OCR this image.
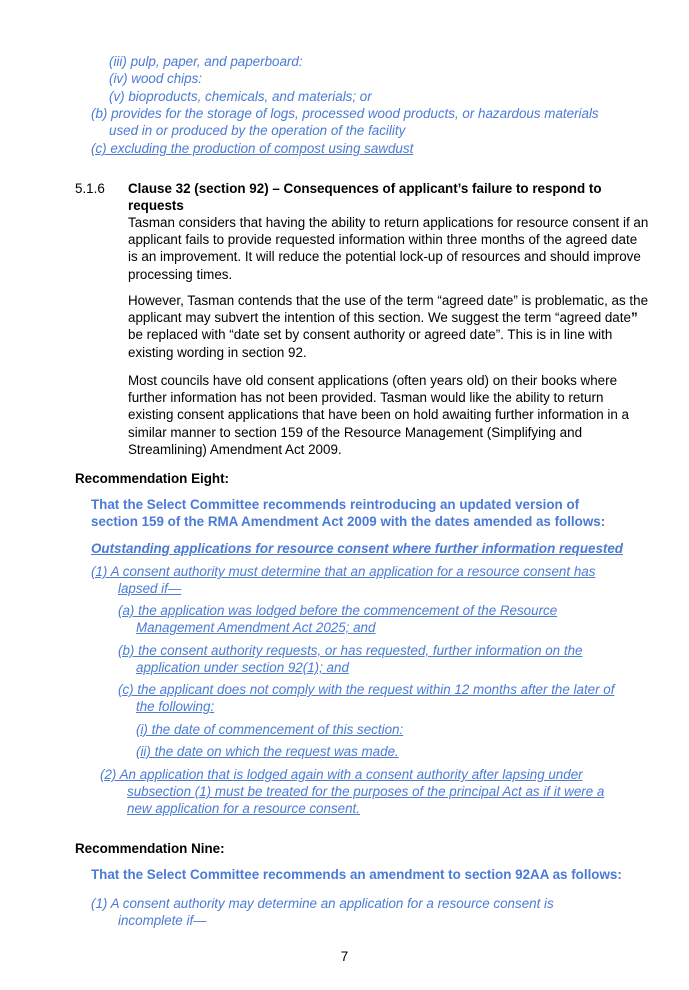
(iii) pulp, paper, and paperboard:
(iv) wood chips:
(v) bioproducts, chemicals, and materials; or
(b) provides for the storage of logs, processed wood products, or hazardous materials
used in or produced by the operation of the facility
(c) excluding the production of compost using sawdust
5.1.6 Clause 32 (section 92) – Consequences of applicant’s failure to respond to
requests
Tasman considers that having the ability to return applications for resource consent if an applicant fails to provide requested information within three months of the agreed date is an improvement. It will reduce the potential lock-up of resources and should improve processing times.
However, Tasman contends that the use of the term “agreed date” is problematic, as the applicant may subvert the intention of this section. We suggest the term “agreed date” be replaced with “date set by consent authority or agreed date”. This is in line with existing wording in section 92.
Most councils have old consent applications (often years old) on their books where further information has not been provided. Tasman would like the ability to return existing consent applications that have been on hold awaiting further information in a similar manner to section 159 of the Resource Management (Simplifying and Streamlining) Amendment Act 2009.
Recommendation Eight:
That the Select Committee recommends reintroducing an updated version of
section 159 of the RMA Amendment Act 2009 with the dates amended as follows:
Outstanding applications for resource consent where further information requested
(1) A consent authority must determine that an application for a resource consent has
lapsed if—
(a) the application was lodged before the commencement of the Resource
Management Amendment Act 2025; and
(b) the consent authority requests, or has requested, further information on the
application under section 92(1); and
(c) the applicant does not comply with the request within 12 months after the later of
the following:
(i) the date of commencement of this section:
(ii) the date on which the request was made.
(2) An application that is lodged again with a consent authority after lapsing under
subsection (1) must be treated for the purposes of the principal Act as if it were a
new application for a resource consent.
Recommendation Nine:
That the Select Committee recommends an amendment to section 92AA as follows:
(1) A consent authority may determine an application for a resource consent is
incomplete if—
7
